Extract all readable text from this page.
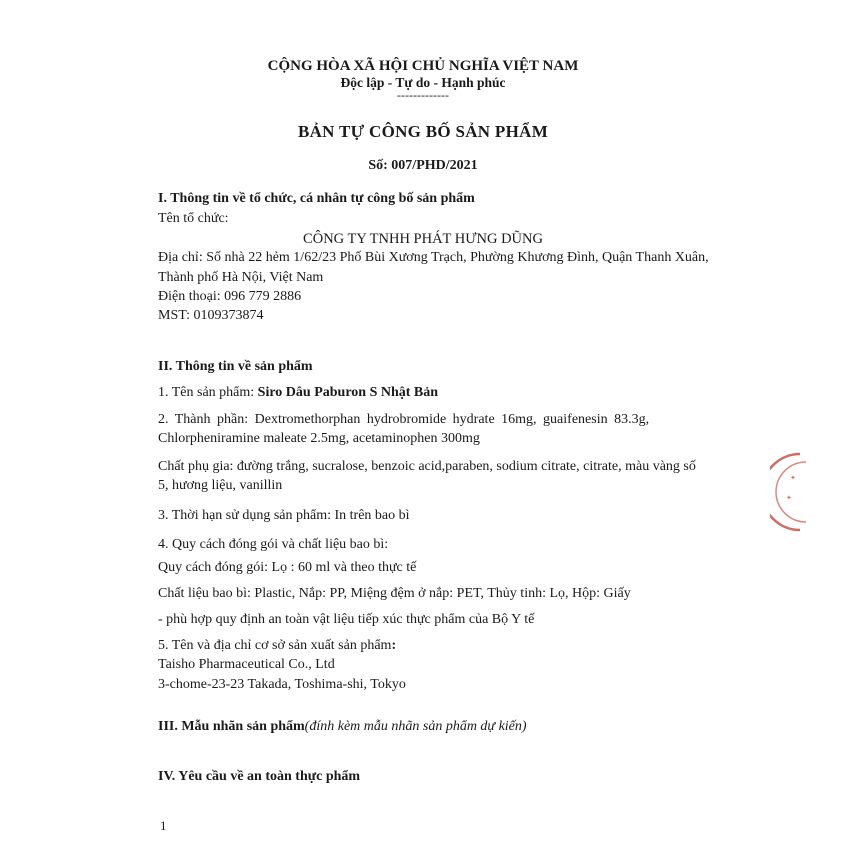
CỘNG HÒA XÃ HỘI CHỦ NGHĨA VIỆT NAM
Độc lập - Tự do - Hạnh phúc
-------------
BẢN TỰ CÔNG BỐ SẢN PHẨM
Số: 007/PHD/2021
I. Thông tin về tổ chức, cá nhân tự công bố sản phẩm
Tên tổ chức:
CÔNG TY TNHH PHÁT HƯNG DŨNG
Địa chỉ: Số nhà 22 hẻm 1/62/23 Phố Bùi Xương Trạch, Phường Khương Đình, Quận Thanh Xuân,
Thành phố Hà Nội, Việt Nam
Điện thoại: 096 779 2886
MST: 0109373874
II. Thông tin về sản phẩm
1. Tên sản phẩm: Siro Dâu Paburon S Nhật Bản
2. Thành phần: Dextromethorphan hydrobromide hydrate 16mg, guaifenesin 83.3g,
Chlorpheniramine maleate 2.5mg, acetaminophen 300mg
Chất phụ gia: đường trắng, sucralose, benzoic acid,paraben, sodium citrate, citrate, màu vàng số
5, hương liệu, vanillin
3. Thời hạn sử dụng sản phẩm: In trên bao bì
4. Quy cách đóng gói và chất liệu bao bì:
Quy cách đóng gói: Lọ : 60 ml và theo thực tế
Chất liệu bao bì: Plastic, Nắp: PP, Miệng đệm ở nắp: PET, Thủy tinh: Lọ, Hộp: Giấy
- phù hợp quy định an toàn vật liệu tiếp xúc thực phẩm của Bộ Y tế
5. Tên và địa chỉ cơ sở sản xuất sản phẩm:
Taisho Pharmaceutical Co., Ltd
3-chome-23-23 Takada, Toshima-shi, Tokyo
III. Mẫu nhãn sản phẩm(đính kèm mẫu nhãn sản phẩm dự kiến)
IV. Yêu cầu về an toàn thực phẩm
1
✦
✦
